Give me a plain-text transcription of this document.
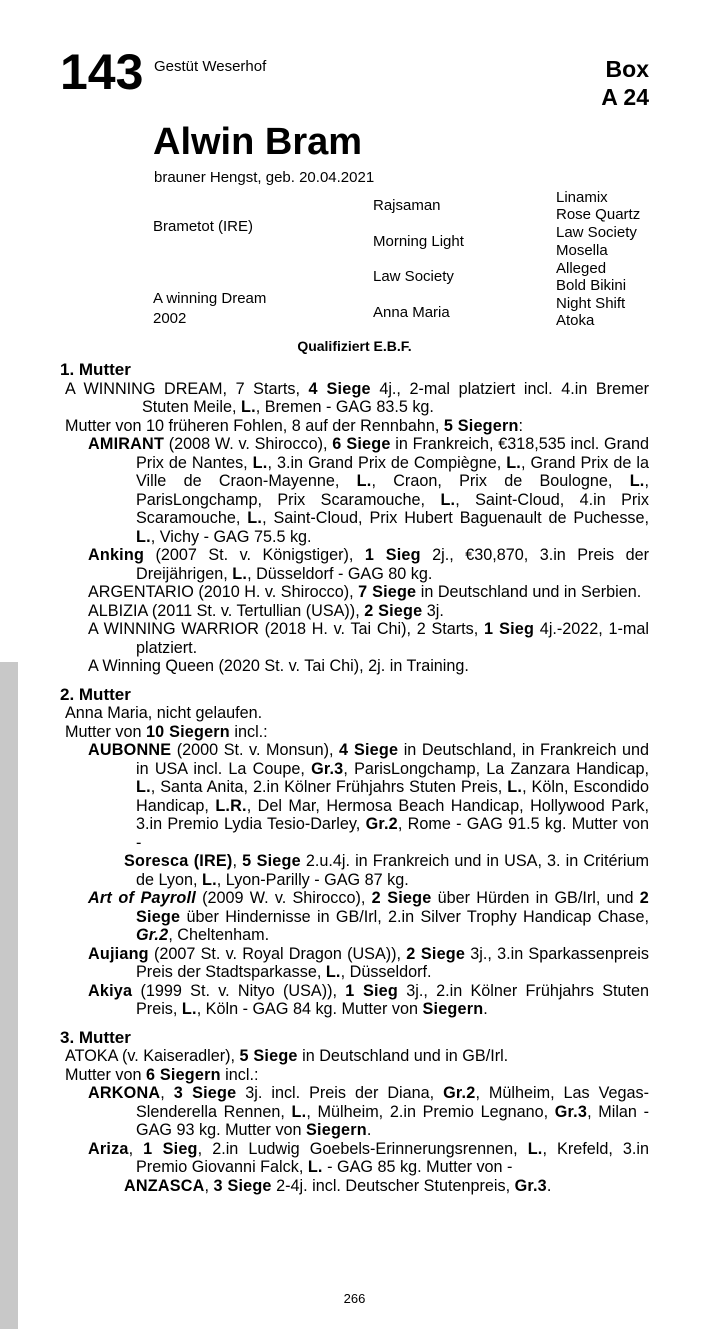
143 Gestüt Weserhof	Box
A 24
Alwin Bram
brauner Hengst, geb. 20.04.2021
Brametot (IRE)
A winning Dream
2002
Rajsaman
Morning Light
Law Society
Anna Maria
Linamix
Rose Quartz
Law Society
Mosella
Alleged
Bold Bikini
Night Shift
Atoka
Qualifiziert E.B.F.
1. Mutter
A WINNING DREAM, 7 Starts, 4 Siege 4j., 2-mal platziert incl. 4.in Bremer Stuten Meile, L., Bremen - GAG 83.5 kg.
Mutter von 10 früheren Fohlen, 8 auf der Rennbahn, 5 Siegern:
AMIRANT (2008 W. v. Shirocco), 6 Siege in Frankreich, €318,535 incl. Grand Prix de Nantes, L., 3.in Grand Prix de Compiègne, L., Grand Prix de la Ville de Craon-Mayenne, L., Craon, Prix de Boulogne, L., ParisLongchamp, Prix Scaramouche, L., Saint-Cloud, 4.in Prix Scaramouche, L., Saint-Cloud, Prix Hubert Baguenault de Puchesse, L., Vichy - GAG 75.5 kg.
Anking (2007 St. v. Königstiger), 1 Sieg 2j., €30,870, 3.in Preis der Dreijährigen, L., Düsseldorf - GAG 80 kg.
ARGENTARIO (2010 H. v. Shirocco), 7 Siege in Deutschland und in Serbien.
ALBIZIA (2011 St. v. Tertullian (USA)), 2 Siege 3j.
A WINNING WARRIOR (2018 H. v. Tai Chi), 2 Starts, 1 Sieg 4j.-2022, 1-mal platziert.
A Winning Queen (2020 St. v. Tai Chi), 2j. in Training.
2. Mutter
Anna Maria, nicht gelaufen.
Mutter von 10 Siegern incl.:
AUBONNE (2000 St. v. Monsun), 4 Siege in Deutschland, in Frankreich und in USA incl. La Coupe, Gr.3, ParisLongchamp, La Zanzara Handicap, L., Santa Anita, 2.in Kölner Frühjahrs Stuten Preis, L., Köln, Escondido Handicap, L.R., Del Mar, Hermosa Beach Handicap, Hollywood Park, 3.in Premio Lydia Tesio-Darley, Gr.2, Rome - GAG 91.5 kg. Mutter von -
Soresca (IRE), 5 Siege 2.u.4j. in Frankreich und in USA, 3. in Critérium de Lyon, L., Lyon-Parilly - GAG 87 kg.
Art of Payroll (2009 W. v. Shirocco), 2 Siege über Hürden in GB/Irl, und 2 Siege über Hindernisse in GB/Irl, 2.in Silver Trophy Handicap Chase, Gr.2, Cheltenham.
Aujiang (2007 St. v. Royal Dragon (USA)), 2 Siege 3j., 3.in Sparkassenpreis Preis der Stadtsparkasse, L., Düsseldorf.
Akiya (1999 St. v. Nityo (USA)), 1 Sieg 3j., 2.in Kölner Frühjahrs Stuten Preis, L., Köln - GAG 84 kg. Mutter von Siegern.
3. Mutter
ATOKA (v. Kaiseradler), 5 Siege in Deutschland und in GB/Irl.
Mutter von 6 Siegern incl.:
ARKONA, 3 Siege 3j. incl. Preis der Diana, Gr.2, Mülheim, Las Vegas-Slenderella Rennen, L., Mülheim, 2.in Premio Legnano, Gr.3, Milan - GAG 93 kg. Mutter von Siegern.
Ariza, 1 Sieg, 2.in Ludwig Goebels-Erinnerungsrennen, L., Krefeld, 3.in Premio Giovanni Falck, L. - GAG 85 kg. Mutter von -
ANZASCA, 3 Siege 2-4j. incl. Deutscher Stutenpreis, Gr.3.
266
